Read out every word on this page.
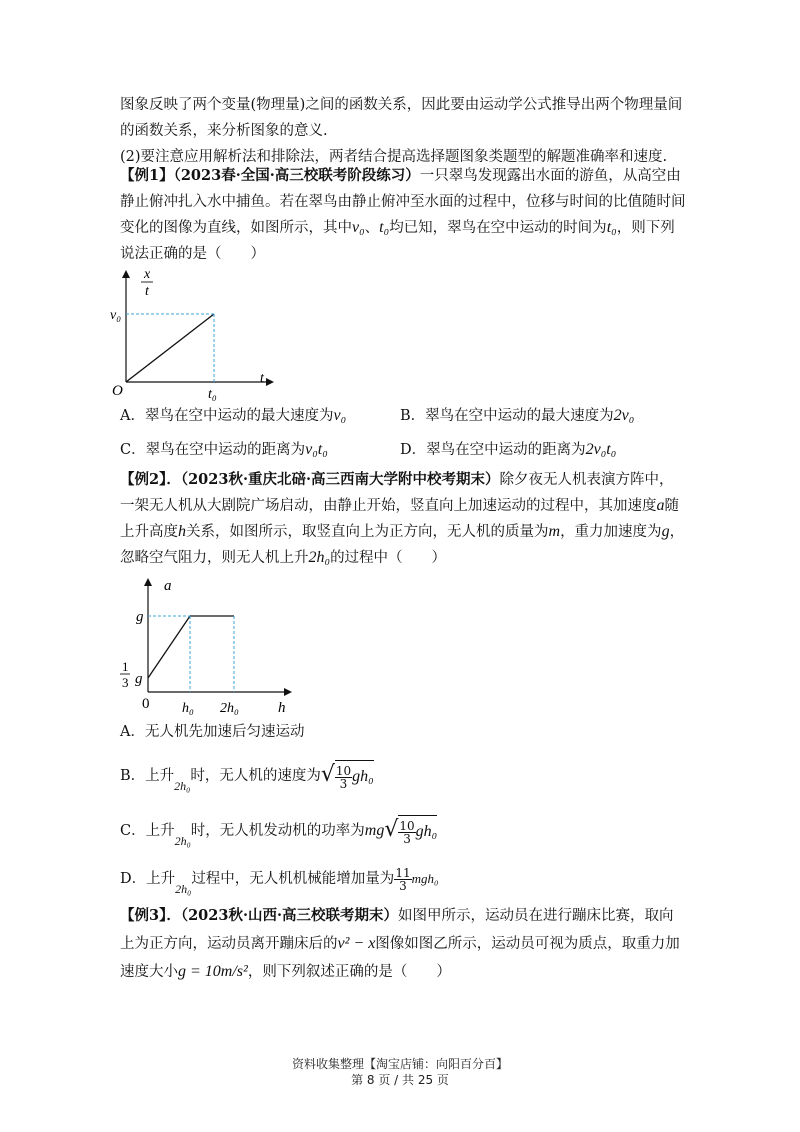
图象反映了两个变量(物理量)之间的函数关系，因此要由运动学公式推导出两个物理量间
的函数关系，来分析图象的意义.
(2)要注意应用解析法和排除法，两者结合提高选择题图象类题型的解题准确率和速度.
【例1】（2023春·全国·高三校联考阶段练习）一只翠鸟发现露出水面的游鱼，从高空由
静止俯冲扎入水中捕鱼。若在翠鸟由静止俯冲至水面的过程中，位移与时间的比值随时间
变化的图像为直线，如图所示，其中v₀、t₀均已知，翠鸟在空中运动的时间为t₀，则下列
说法正确的是（　　）
x
t
v₀
O	t₀
t
A．翠鸟在空中运动的最大速度为v₀	B．翠鸟在空中运动的最大速度为2v₀
C．翠鸟在空中运动的距离为v₀t₀	D．翠鸟在空中运动的距离为2v₀t₀
【例2】．（2023秋·重庆北碚·高三西南大学附中校考期末）除夕夜无人机表演方阵中，
一架无人机从大剧院广场启动，由静止开始，竖直向上加速运动的过程中，其加速度a随
上升高度h关系，如图所示，取竖直向上为正方向，无人机的质量为m，重力加速度为g，
忽略空气阻力，则无人机上升2h₀的过程中（　　）
a
g
1
3 g
0 h₀ 2h₀	h
A．无人机先加速后匀速运动
B．上升$_{2h_0}$时，无人机的速度为√ $\frac{10}{3} gh_0$
C．上升$_{2h_0}$时，无人机发动机的功率为$mg√ \frac{10}{3} gh_0$
D．上升$_{2h_0}$过程中，无人机机械能增加量为 $\frac{11}{3} mgh_0$
【例3】．（2023秋·山西·高三校联考期末）如图甲所示，运动员在进行蹦床比赛，取向
上为正方向，运动员离开蹦床后的v² − x图像如图乙所示，运动员可视为质点，取重力加
速度大小g = 10m/s²，则下列叙述正确的是（　　）
资料收集整理【淘宝店铺：向阳百分百】
第 8 页 / 共 25 页
